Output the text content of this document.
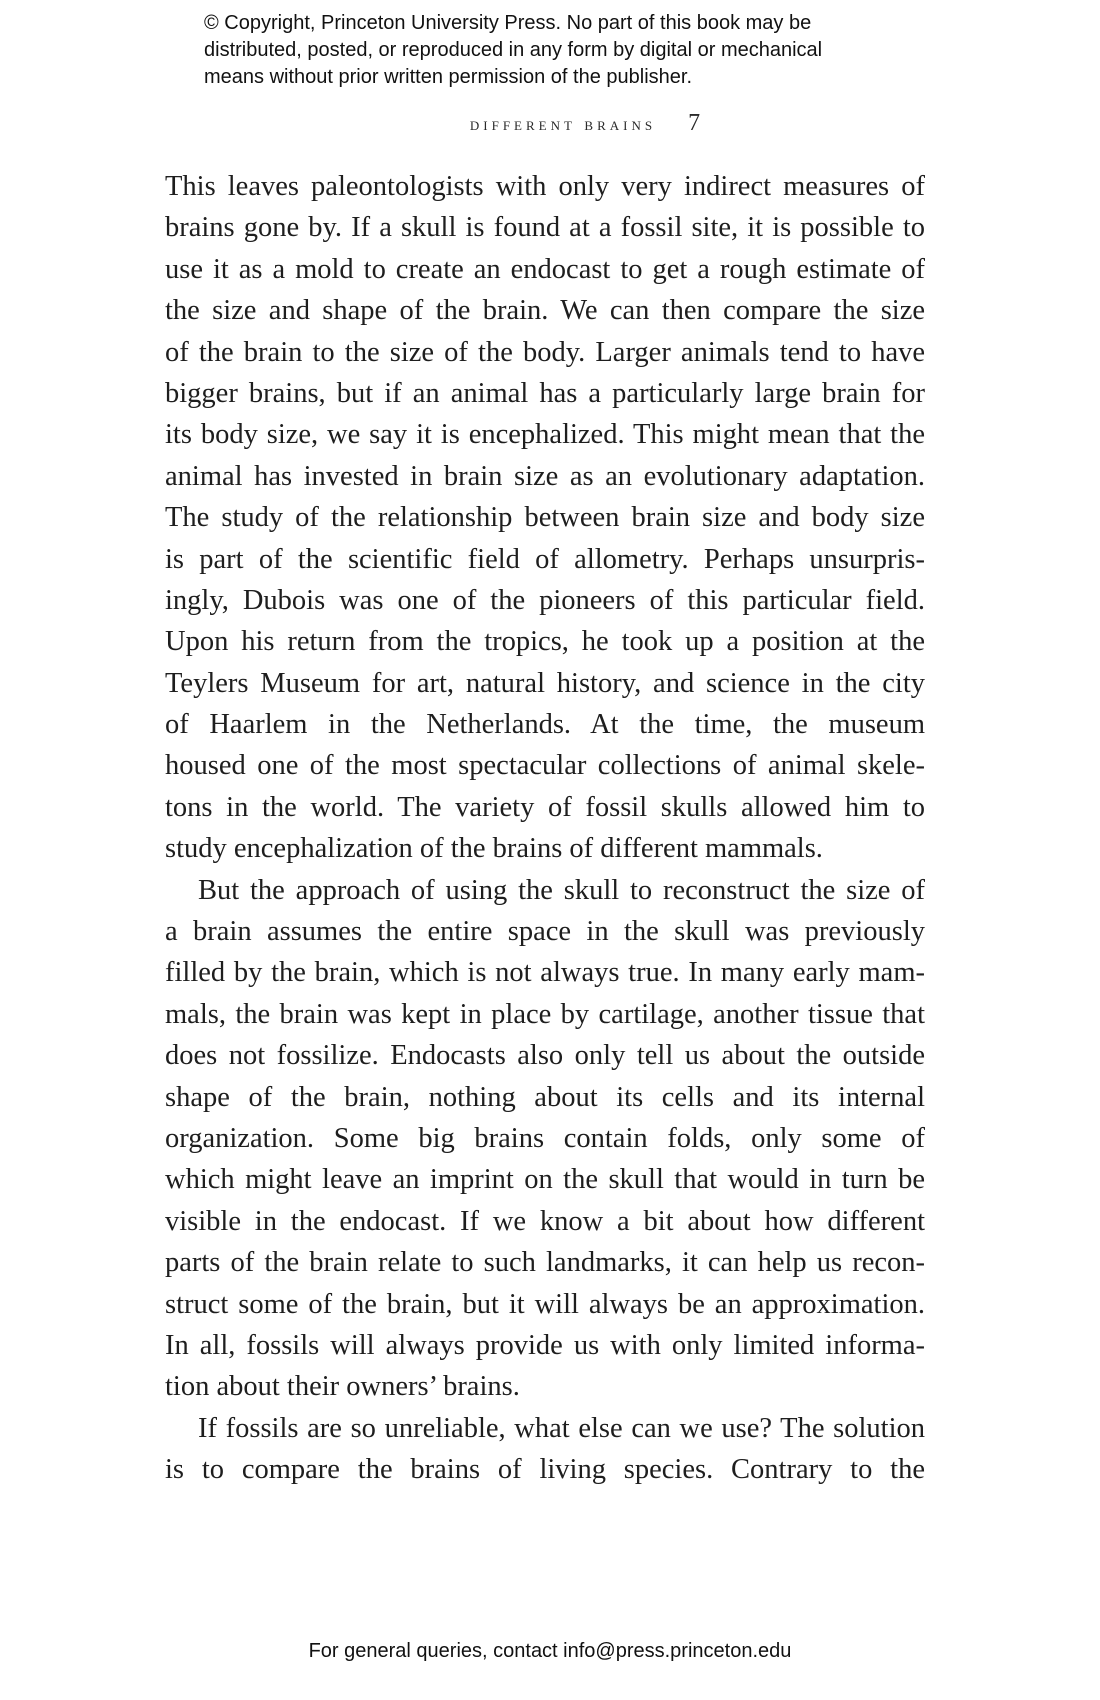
© Copyright, Princeton University Press. No part of this book may be
distributed, posted, or reproduced in any form by digital or mechanical
means without prior written permission of the publisher.
different brains 7
This leaves paleontologists with only very indirect measures of
brains gone by. If a skull is found at a fossil site, it is possible to
use it as a mold to create an endocast to get a rough estimate of
the size and shape of the brain. We can then compare the size
of the brain to the size of the body. Larger animals tend to have
bigger brains, but if an animal has a particularly large brain for
its body size, we say it is encephalized. This might mean that the
animal has invested in brain size as an evolutionary adaptation.
The study of the relationship between brain size and body size
is part of the scientific field of allometry. Perhaps unsurpris-
ingly, Dubois was one of the pioneers of this particular field.
Upon his return from the tropics, he took up a position at the
Teylers Museum for art, natural history, and science in the city
of Haarlem in the Netherlands. At the time, the museum
housed one of the most spectacular collections of animal skele-
tons in the world. The variety of fossil skulls allowed him to
study encephalization of the brains of different mammals.
But the approach of using the skull to reconstruct the size of
a brain assumes the entire space in the skull was previously
filled by the brain, which is not always true. In many early mam-
mals, the brain was kept in place by cartilage, another tissue that
does not fossilize. Endocasts also only tell us about the outside
shape of the brain, nothing about its cells and its internal
organization. Some big brains contain folds, only some of
which might leave an imprint on the skull that would in turn be
visible in the endocast. If we know a bit about how different
parts of the brain relate to such landmarks, it can help us recon-
struct some of the brain, but it will always be an approximation.
In all, fossils will always provide us with only limited informa-
tion about their owners’ brains.
If fossils are so unreliable, what else can we use? The solution
is to compare the brains of living species. Contrary to the
For general queries, contact info@press.princeton.edu
